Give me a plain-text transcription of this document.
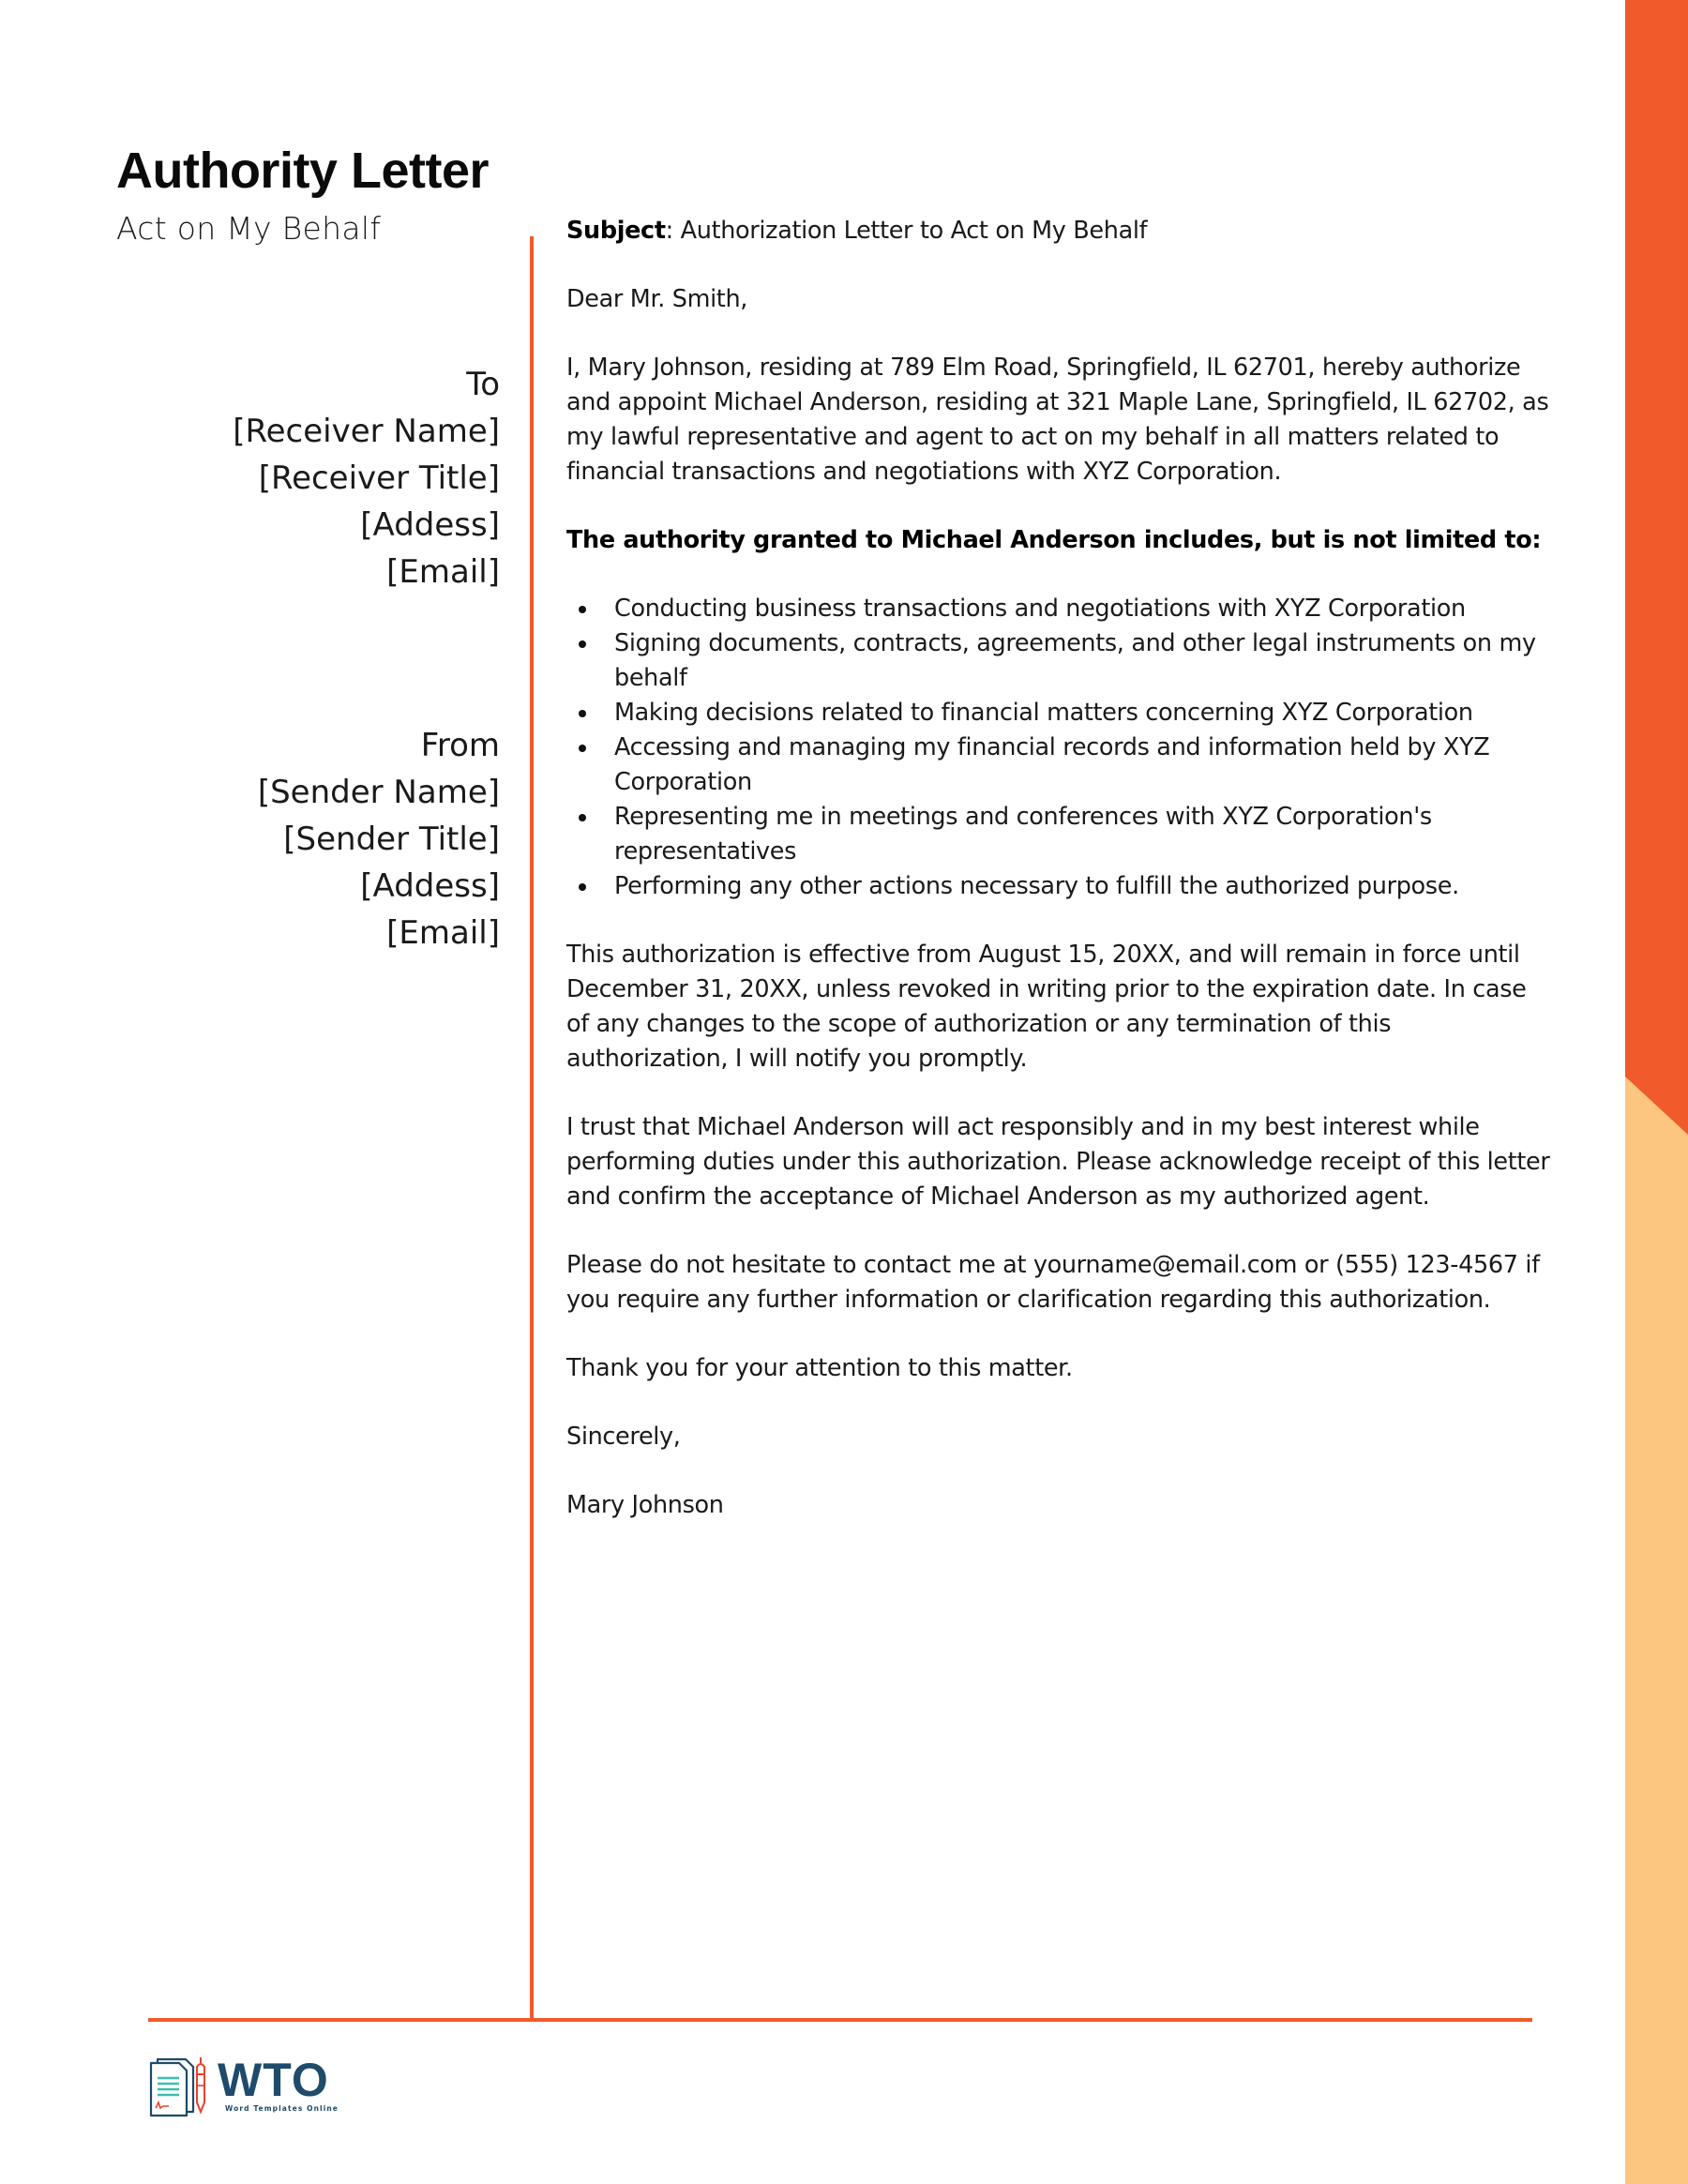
Authority Letter
Act on My Behalf
To
[Receiver Name]
[Receiver Title]
[Addess]
[Email]
From
[Sender Name]
[Sender Title]
[Addess]
[Email]

Subject: Authorization Letter to Act on My Behalf

Dear Mr. Smith,

I, Mary Johnson, residing at 789 Elm Road, Springfield, IL 62701, hereby authorize and appoint Michael Anderson, residing at 321 Maple Lane, Springfield, IL 62702, as my lawful representative and agent to act on my behalf in all matters related to financial transactions and negotiations with XYZ Corporation.

The authority granted to Michael Anderson includes, but is not limited to:

Conducting business transactions and negotiations with XYZ Corporation
Signing documents, contracts, agreements, and other legal instruments on my behalf
Making decisions related to financial matters concerning XYZ Corporation
Accessing and managing my financial records and information held by XYZ Corporation
Representing me in meetings and conferences with XYZ Corporation's representatives
Performing any other actions necessary to fulfill the authorized purpose.

This authorization is effective from August 15, 20XX, and will remain in force until December 31, 20XX, unless revoked in writing prior to the expiration date. In case of any changes to the scope of authorization or any termination of this authorization, I will notify you promptly.

I trust that Michael Anderson will act responsibly and in my best interest while performing duties under this authorization. Please acknowledge receipt of this letter and confirm the acceptance of Michael Anderson as my authorized agent.

Please do not hesitate to contact me at yourname@email.com or (555) 123-4567 if you require any further information or clarification regarding this authorization.

Thank you for your attention to this matter.

Sincerely,

Mary Johnson

WTO
Word Templates Online
